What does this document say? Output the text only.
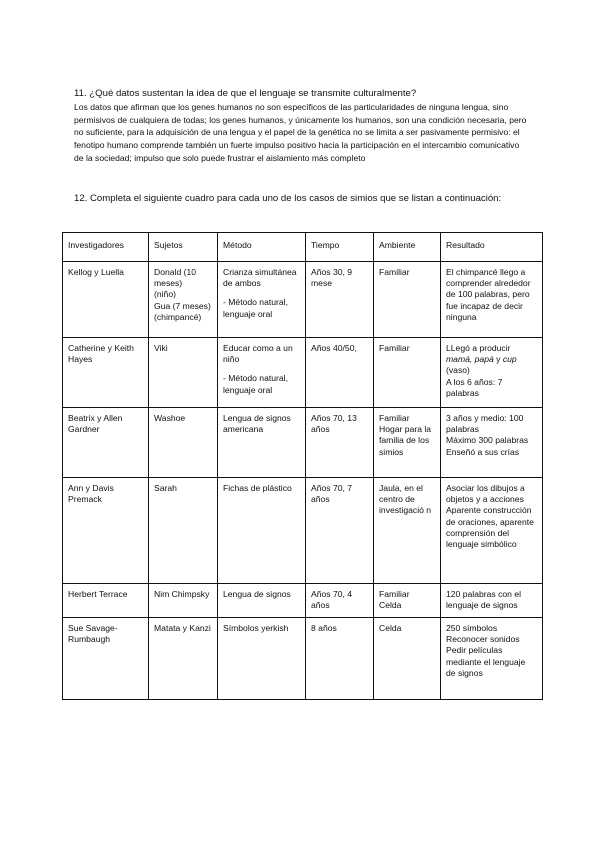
11. ¿Qué datos sustentan la idea de que el lenguaje se transmite culturalmente?
Los datos que afirman que los genes humanos no son específicos de las particularidades de ninguna lengua, sino permisivos de cualquiera de todas; los genes humanos, y únicamente los humanos, son una condición necesaria, pero no suficiente, para la adquisición de una lengua y el papel de la genética no se limita a ser pasivamente permisivo: el fenotipo humano comprende también un fuerte impulso positivo hacia la participación en el intercambio comunicativo de la sociedad; impulso que solo puede frustrar el aislamiento más completo
12. Completa el siguiente cuadro para cada uno de los casos de simios que se listan a continuación:
Investigadores	Sujetos	Método	Tiempo	Ambiente	Resultado
Kellog y Luella	Donald (10 meses)
(niño)
Gua (7 meses)
(chimpancé)	Crianza simultánea de ambos
- Método natural, lenguaje oral	Años 30, 9 mese	Familiar	El chimpancé llego a comprender alrededor de 100 palabras, pero fue incapaz de decir ninguna

Catherine y Keith Hayes	Viki	Educar como a un niño
- Método natural, lenguaje oral	Años 40/50,	Familiar	LLegó a producir
mamá, papá y cup
(vaso)
A los 6 años: 7 palabras

Beatrix y Allen Gardner	Washoe	Lengua de signos americana	Años 70, 13 años	Familiar
Hogar para la familia de los simios	3 años y medio: 100 palabras
Máximo 300 palabras
Enseñó a sus crías

Ann y Davis Premack	Sarah	Fichas de plástico	Años 70, 7 años	Jaula, en el centro de investigació n	Asociar los dibujos a objetos y a acciones
Aparente construcción de oraciones, aparente comprensión del lenguaje simbólico

Herbert Terrace	Nim Chimpsky	Lengua de signos	Años 70, 4 años	Familiar
Celda	120 palabras con el lenguaje de signos

Sue Savage-Rumbaugh	Matata y Kanzi	Símbolos yerkish	8 años	Celda	250 símbolos
Reconocer sonidos
Pedir películas mediante el lenguaje de signos
